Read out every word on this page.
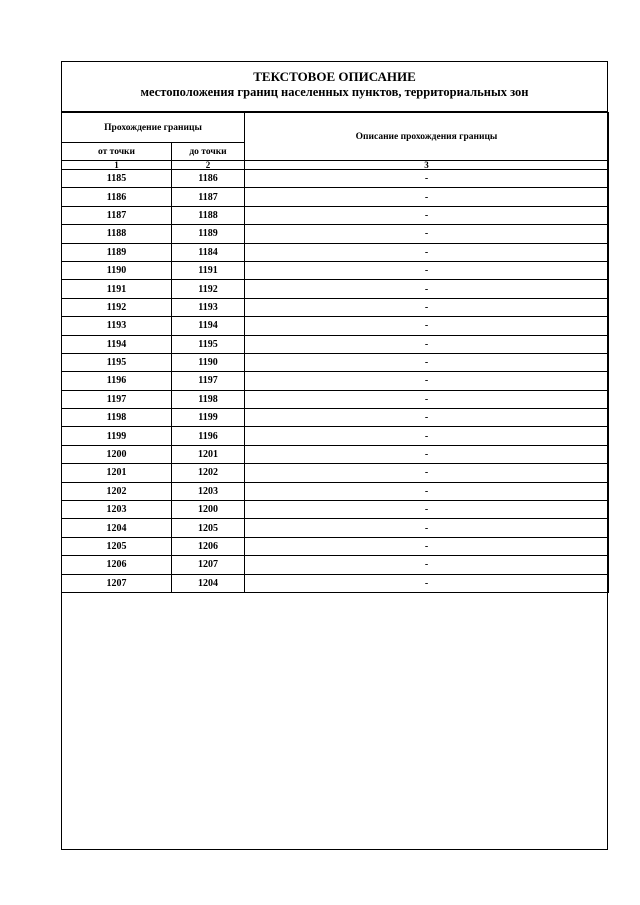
ТЕКСТОВОЕ ОПИСАНИЕ
местоположения границ населенных пунктов, территориальных зон
Прохождение границы		Описание прохождения границы
от точки	до точки	
1	2	3
1185	1186	-
1186	1187	-
1187	1188	-
1188	1189	-
1189	1184	-
1190	1191	-
1191	1192	-
1192	1193	-
1193	1194	-
1194	1195	-
1195	1190	-
1196	1197	-
1197	1198	-
1198	1199	-
1199	1196	-
1200	1201	-
1201	1202	-
1202	1203	-
1203	1200	-
1204	1205	-
1205	1206	-
1206	1207	-
1207	1204	-
